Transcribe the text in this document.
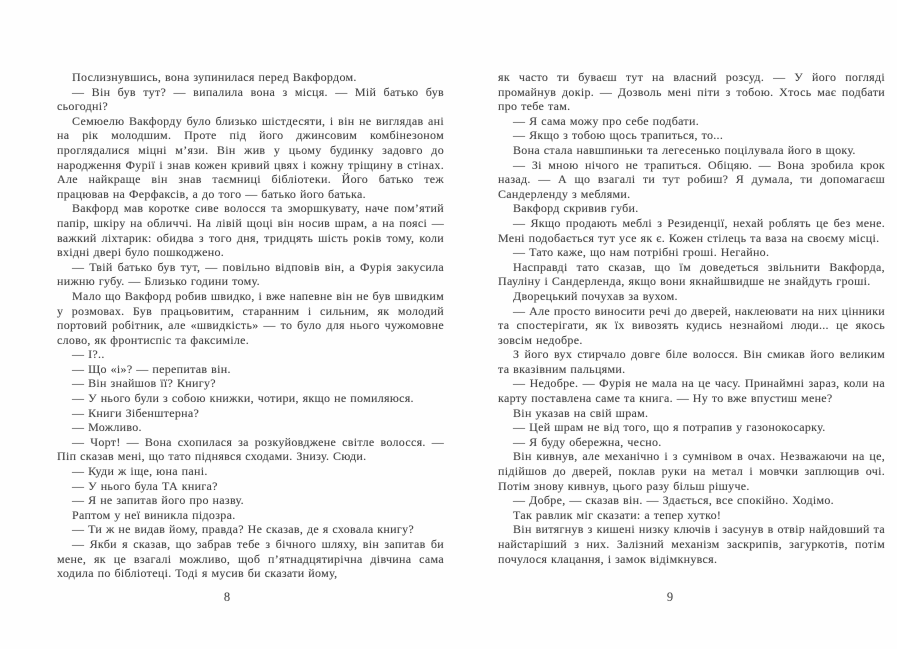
Послизнувшись, вона зупинилася перед Вакфордом.

— Він був тут? — випалила вона з місця. — Мій батько був сьогодні?

Семюелю Вакфорду було близько шістдесяти, і він не виглядав ані на рік молодшим. Проте під його джинсовим комбінезоном проглядалися міцні м’язи. Він жив у цьому будинку задовго до народження Фурії і знав кожен кривий цвях і кожну тріщину в стінах. Але найкраще він знав таємниці бібліотеки. Його батько теж працював на Ферфаксів, а до того — батько його батька.

Вакфорд мав коротке сиве волосся та зморшкувату, наче пом’ятий папір, шкіру на обличчі. На лівій щоці він носив шрам, а на поясі — важкий ліхтарик: обидва з того дня, тридцять шість років тому, коли вхідні двері було пошкоджено.

— Твій батько був тут, — повільно відповів він, а Фурія закусила нижню губу. — Близько години тому.

Мало що Вакфорд робив швидко, і вже напевне він не був швидким у розмовах. Був працьовитим, старанним і сильним, як молодий портовий робітник, але «швидкість» — то було для нього чужомовне слово, як фронтиспіс та факсиміле.

— І?..

— Що «і»? — перепитав він.

— Він знайшов її? Книгу?

— У нього були з собою книжки, чотири, якщо не помиляюся.

— Книги Зібенштерна?

— Можливо.

— Чорт! — Вона схопилася за розкуйовджене світле волосся. — Піп сказав мені, що тато піднявся сходами. Знизу. Сюди.

— Куди ж іще, юна пані.

— У нього була ТА книга?

— Я не запитав його про назву.

Раптом у неї виникла підозра.

— Ти ж не видав йому, правда? Не сказав, де я сховала книгу?

— Якби я сказав, що забрав тебе з бічного шляху, він запитав би мене, як це взагалі можливо, щоб п’ятнадцятирічна дівчина сама ходила по бібліотеці. Тоді я мусив би сказати йому,

8

як часто ти буваєш тут на власний розсуд. — У його погляді промайнув докір. — Дозволь мені піти з тобою. Хтось має подбати про тебе там.

— Я сама можу про себе подбати.

— Якщо з тобою щось трапиться, то...

Вона стала навшпиньки та легесенько поцілувала його в щоку.

— Зі мною нічого не трапиться. Обіцяю. — Вона зробила крок назад. — А що взагалі ти тут робиш? Я думала, ти допомагаєш Сандерленду з меблями.

Вакфорд скривив губи.

— Якщо продають меблі з Резиденції, нехай роблять це без мене. Мені подобається тут усе як є. Кожен стілець та ваза на своєму місці.

— Тато каже, що нам потрібні гроші. Негайно.

Насправді тато сказав, що їм доведеться звільнити Вакфорда, Пауліну і Сандерленда, якщо вони якнайшвидше не знайдуть гроші.

Дворецький почухав за вухом.

— Але просто виносити речі до дверей, наклеювати на них цінники та спостерігати, як їх вивозять кудись незнайомі люди... це якось зовсім недобре.

З його вух стирчало довге біле волосся. Він смикав його великим та вказівним пальцями.

— Недобре. — Фурія не мала на це часу. Принаймні зараз, коли на карту поставлена саме та книга. — Ну то вже впустиш мене?

Він указав на свій шрам.

— Цей шрам не від того, що я потрапив у газонокосарку.

— Я буду обережна, чесно.

Він кивнув, але механічно і з сумнівом в очах. Незважаючи на це, підійшов до дверей, поклав руки на метал і мовчки заплющив очі. Потім знову кивнув, цього разу більш рішуче.

— Добре, — сказав він. — Здається, все спокійно. Ходімо.

Так равлик міг сказати: а тепер хутко!

Він витягнув з кишені низку ключів і засунув в отвір найдовший та найстаріший з них. Залізний механізм заскрипів, загуркотів, потім почулося клацання, і замок відімкнувся.

9
